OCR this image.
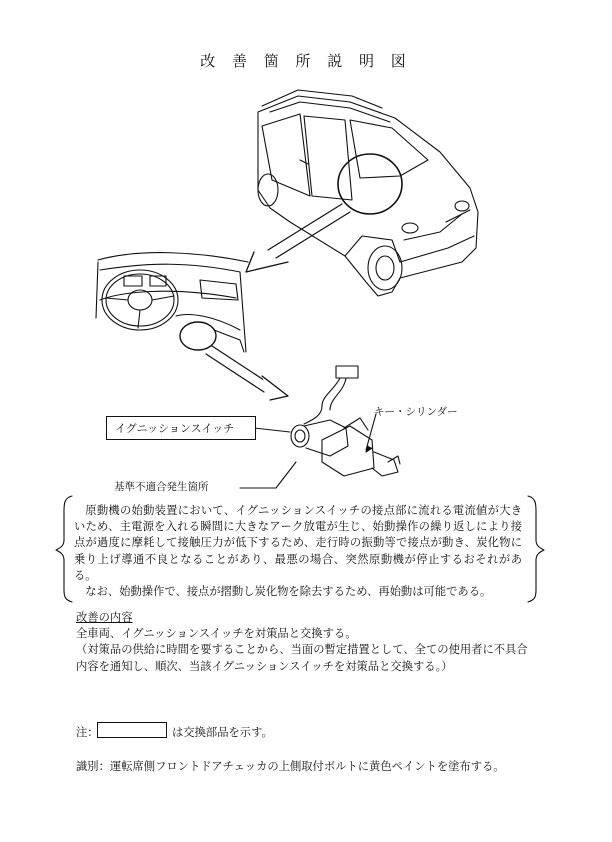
改 善 箇 所 説 明 図
キー・シリンダー
イグニッションスイッチ
基準不適合発生箇所

原動機の始動装置において、イグニッションスイッチの接点部に流れる電流値が大きいため、主電源を入れる瞬間に大きなアーク放電が生じ、始動操作の繰り返しにより接点が過度に摩耗して接触圧力が低下するため、走行時の振動等で接点が動き、炭化物に乗り上げ導通不良となることがあり、最悪の場合、突然原動機が停止するおそれがある。

なお、始動操作で、接点が摺動し炭化物を除去するため、再始動は可能である。

改善の内容

全車両、イグニッションスイッチを対策品と交換する。

（対策品の供給に時間を要することから、当面の暫定措置として、全ての使用者に不具合内容を通知し、順次、当該イグニッションスイッチを対策品と交換する。）

注：	は交換部品を示す。
識別：運転席側フロントドアチェッカの上側取付ボルトに黄色ペイントを塗布する。
